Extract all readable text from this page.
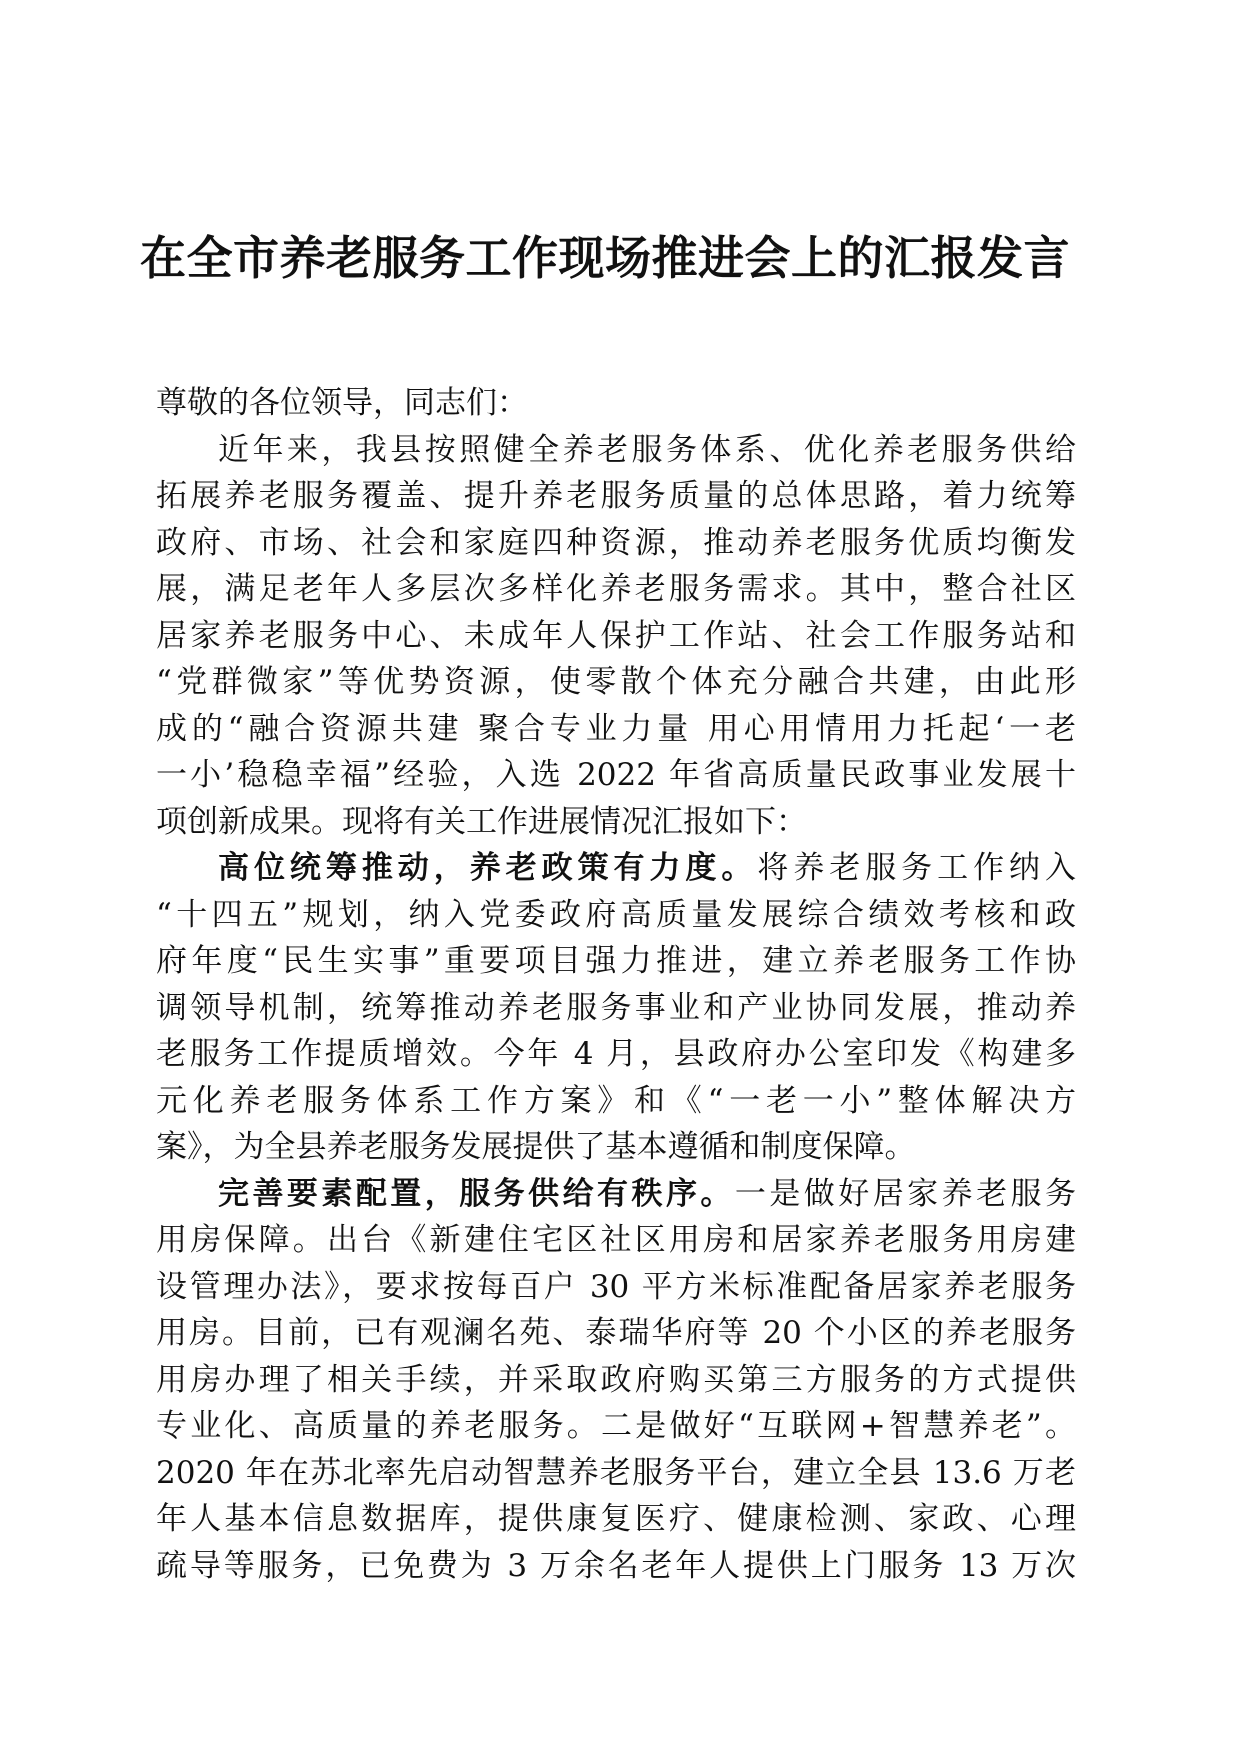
在全市养老服务工作现场推进会上的汇报发言
尊敬的各位领导，同志们：
近年来，我县按照健全养老服务体系、优化养老服务供给
拓展养老服务覆盖、提升养老服务质量的总体思路，着力统筹
政府、市场、社会和家庭四种资源，推动养老服务优质均衡发
展，满足老年人多层次多样化养老服务需求。其中，整合社区
居家养老服务中心、未成年人保护工作站、社会工作服务站和
“党群微家”等优势资源，使零散个体充分融合共建，由此形
成的“融合资源共建 聚合专业力量 用心用情用力托起‘一老
一小’稳稳幸福”经验，入选 2022 年省高质量民政事业发展十
项创新成果。现将有关工作进展情况汇报如下：
高位统筹推动，养老政策有力度。将养老服务工作纳入
“十四五”规划，纳入党委政府高质量发展综合绩效考核和政
府年度“民生实事”重要项目强力推进，建立养老服务工作协
调领导机制，统筹推动养老服务事业和产业协同发展，推动养
老服务工作提质增效。今年 4 月，县政府办公室印发《构建多
元化养老服务体系工作方案》和《“一老一小”整体解决方
案》，为全县养老服务发展提供了基本遵循和制度保障。
完善要素配置，服务供给有秩序。一是做好居家养老服务
用房保障。出台《新建住宅区社区用房和居家养老服务用房建
设管理办法》，要求按每百户 30 平方米标准配备居家养老服务
用房。目前，已有观澜名苑、泰瑞华府等 20 个小区的养老服务
用房办理了相关手续，并采取政府购买第三方服务的方式提供
专业化、高质量的养老服务。二是做好“互联网+智慧养老”。
2020 年在苏北率先启动智慧养老服务平台，建立全县 13.6 万老
年人基本信息数据库，提供康复医疗、健康检测、家政、心理
疏导等服务，已免费为 3 万余名老年人提供上门服务 13 万次
